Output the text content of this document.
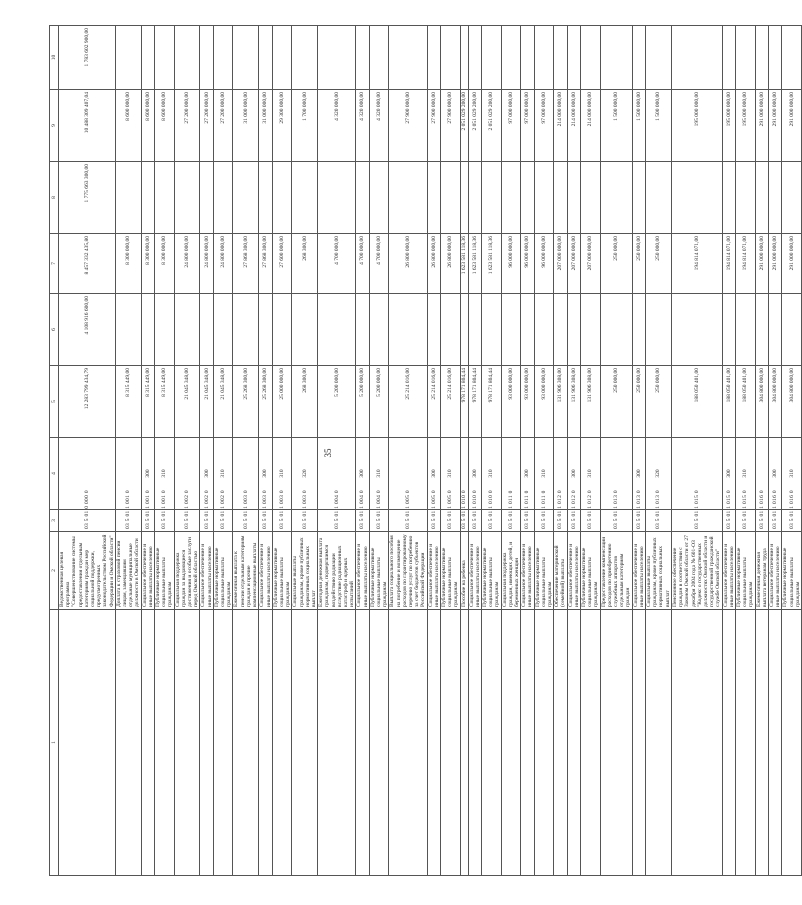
35
1	2	3	4	5	6	7	8	9	10
	Ведомственная целевая программа "Совершенствование системы предоставления отдельным категориям граждан мер социальной поддержки, предусмотренных законодательством Российской Федерации и Омской области"	03 5 01 0 000 0		12 283 799 434,79	4 108 916 600,00	8 457 332 435,80	1 775 663 300,00	10 488 309 407,04	1 783 602 900,00
	Доплата к страховой пенсии лицам, замещавшим отдельные муниципальные должности в Омской области	03 5 01 1 001 0		8 315 449,00		8 300 000,00		8 600 000,00	
	Социальное обеспечение и иные выплаты населению	03 5 01 1 001 0	300	8 315 449,00		8 300 000,00		8 600 000,00	
	Публичные нормативные социальные выплаты гражданам	03 5 01 1 001 0	310	8 315 449,00		8 300 000,00		8 600 000,00	
	Социальная поддержка граждан за выдающиеся достижения и особые заслуги перед Омской областью	03 5 01 1 002 0		21 045 348,00		24 800 000,00		27 200 000,00	
	Социальное обеспечение и иные выплаты населению	03 5 01 1 002 0	300	21 045 348,00		24 800 000,00		27 200 000,00	
	Публичные нормативные социальные выплаты гражданам	03 5 01 1 002 0	310	21 045 348,00		24 800 000,00		27 200 000,00	
	Ежемесячная выплата к пенсии отдельным категориям граждан и прочие компенсационные выплаты	03 5 01 1 003 0		25 268 300,00		27 868 300,00		31 000 000,00	
	Социальное обеспечение и иные выплаты населению	03 5 01 1 003 0	300	25 268 300,00		27 868 300,00		31 000 000,00	
	Публичные нормативные социальные выплаты гражданам	03 5 01 1 003 0	310	25 000 000,00		27 600 000,00		29 300 000,00	
	Социальные выплаты гражданам, кроме публичных нормативных социальных выплат	03 5 01 1 003 0	320	268 300,00		268 300,00		1 700 000,00	
	Ежегодная денежная выплата гражданам, подвергшимся воздействию радиации вследствие радиационных катастроф и ядерных испытаний	03 5 01 1 004 0		5 200 000,00		4 700 000,00		4 320 000,00	
	Социальное обеспечение и иные выплаты населению	03 5 01 1 004 0	300	5 200 000,00		4 700 000,00		4 320 000,00	
	Публичные нормативные социальные выплаты гражданам	03 5 01 1 004 0	310	5 200 000,00		4 700 000,00		4 320 000,00	
	Выплата социального пособия на погребение и возмещение расходов по гарантированному перечню услуг по погребению за счет бюджетов субъектов Российской Федерации	03 5 01 1 005 0		25 214 016,00		26 800 000,00		27 900 000,00	
	Социальное обеспечение и иные выплаты населению	03 5 01 1 005 0	300	25 214 016,00		26 800 000,00		27 900 000,00	
	Публичные нормативные социальные выплаты гражданам	03 5 01 1 005 0	310	25 214 016,00		26 800 000,00		27 900 000,00	
	Пособие на ребенка	03 5 01 1 010 0		978 171 804,44		1 623 581 118,36		2 051 029 200,00	
	Социальное обеспечение и иные выплаты населению	03 5 01 1 010 0	300	978 171 804,44		1 623 581 118,36		2 051 029 200,00	
	Публичные нормативные социальные выплаты гражданам	03 5 01 1 010 0	310	978 171 804,44		1 623 581 118,36		2 051 029 200,00	
	Социальная поддержка граждан, имеющих детей, и беременных женщин	03 5 01 1 011 0		93 000 000,00		96 000 000,00		97 000 000,00	
	Социальное обеспечение и иные выплаты населению	03 5 01 1 011 0	300	93 000 000,00		96 000 000,00		97 000 000,00	
	Публичные нормативные социальные выплаты гражданам	03 5 01 1 011 0	310	93 000 000,00		96 000 000,00		97 000 000,00	
	Обеспечение материнской (семейной) выплаты	03 5 01 1 012 0		131 906 308,00		207 000 000,00		214 000 000,00	
	Социальное обеспечение и иные выплаты населению	03 5 01 1 012 0	300	131 906 308,00		207 000 000,00		214 000 000,00	
	Публичные нормативные социальные выплаты гражданам	03 5 01 1 012 0	310	131 906 308,00		207 000 000,00		214 000 000,00	
	Предоставление компенсации расходов по приобретению служебных аппаратов отдельным категориям граждан	03 5 01 1 013 0		250 000,00		250 000,00		1 500 000,00	
	Социальное обеспечение и иные выплаты населению	03 5 01 1 013 0	300	250 000,00		250 000,00		1 500 000,00	
	Социальные выплаты гражданам, кроме публичных нормативных социальных выплат	03 5 01 1 013 0	320	250 000,00		250 000,00		1 500 000,00	
	Пенсионное обеспечение граждан в соответствии с Законом Омской области от 27 декабря 2004 года № 601-ОЗ "Кодекс о государственных должностях Омской области и государственной гражданской службе Омской области"	03 5 01 1 015 0		188 050 401,00		194 814 071,00		195 000 000,00	
	Социальное обеспечение и иные выплаты населению	03 5 01 1 015 0	300	188 050 401,00		194 814 071,00		195 000 000,00	
	Публичные нормативные социальные выплаты гражданам	03 5 01 1 015 0	310	188 050 401,00		194 814 071,00		195 000 000,00	
	Ежемесячная денежная выплата ветеранам труда	03 5 01 1 016 0		304 800 000,00		291 000 000,00		291 000 000,00	
	Социальное обеспечение и иные выплаты населению	03 5 01 1 016 0	300	304 800 000,00		291 000 000,00		291 000 000,00	
	Публичные нормативные социальные выплаты гражданам	03 5 01 1 016 0	310	304 800 000,00		291 000 000,00		291 000 000,00	
